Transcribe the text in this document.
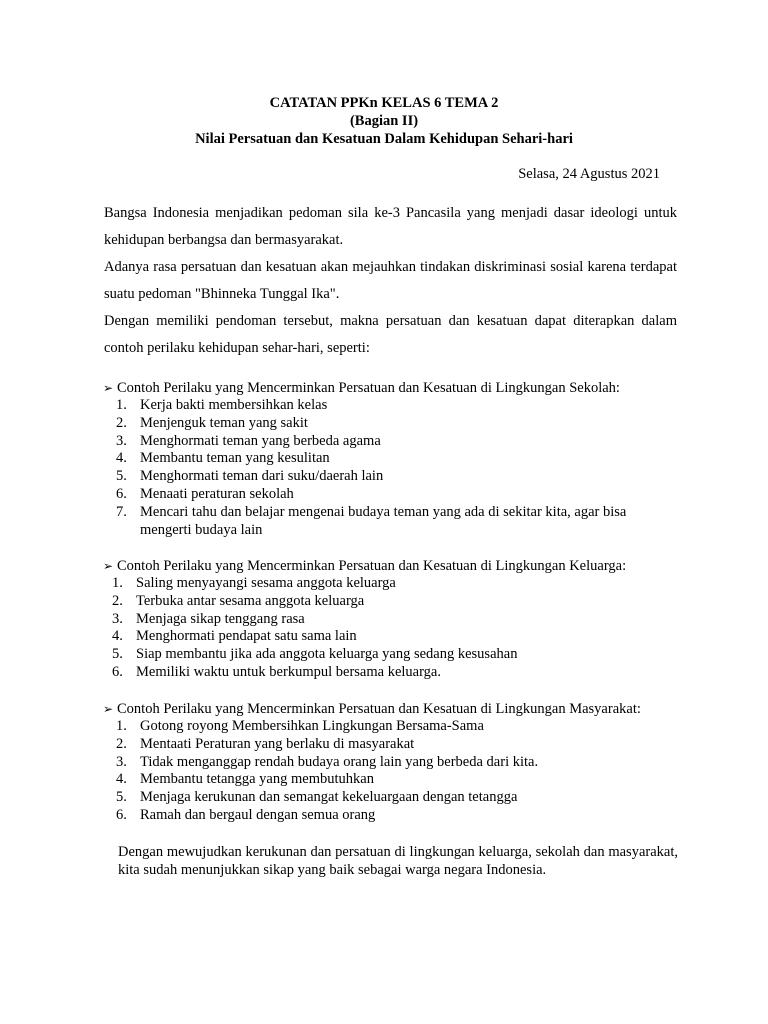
CATATAN PPKn KELAS 6 TEMA 2
(Bagian II)
Nilai Persatuan dan Kesatuan Dalam Kehidupan Sehari-hari
Selasa, 24 Agustus 2021

Bangsa Indonesia menjadikan pedoman sila ke-3 Pancasila yang menjadi dasar ideologi untuk kehidupan berbangsa dan bermasyarakat.

Adanya rasa persatuan dan kesatuan akan mejauhkan tindakan diskriminasi sosial karena terdapat suatu pedoman "Bhinneka Tunggal Ika".

Dengan memiliki pendoman tersebut, makna persatuan dan kesatuan dapat diterapkan dalam contoh perilaku kehidupan sehar-hari, seperti:

➢ Contoh Perilaku yang Mencerminkan Persatuan dan Kesatuan di Lingkungan Sekolah:
1. Kerja bakti membersihkan kelas
2. Menjenguk teman yang sakit
3. Menghormati teman yang berbeda agama
4. Membantu teman yang kesulitan
5. Menghormati teman dari suku/daerah lain
6. Menaati peraturan sekolah
7. Mencari tahu dan belajar mengenai budaya teman yang ada di sekitar kita, agar bisa mengerti budaya lain
➢ Contoh Perilaku yang Mencerminkan Persatuan dan Kesatuan di Lingkungan Keluarga:
1. Saling menyayangi sesama anggota keluarga
2. Terbuka antar sesama anggota keluarga
3. Menjaga sikap tenggang rasa
4. Menghormati pendapat satu sama lain
5. Siap membantu jika ada anggota keluarga yang sedang kesusahan
6. Memiliki waktu untuk berkumpul bersama keluarga.
➢ Contoh Perilaku yang Mencerminkan Persatuan dan Kesatuan di Lingkungan Masyarakat:
1. Gotong royong Membersihkan Lingkungan Bersama-Sama
2. Mentaati Peraturan yang berlaku di masyarakat
3. Tidak menganggap rendah budaya orang lain yang berbeda dari kita.
4. Membantu tetangga yang membutuhkan
5. Menjaga kerukunan dan semangat kekeluargaan dengan tetangga
6. Ramah dan bergaul dengan semua orang
Dengan mewujudkan kerukunan dan persatuan di lingkungan keluarga, sekolah dan masyarakat, kita sudah menunjukkan sikap yang baik sebagai warga negara Indonesia.
